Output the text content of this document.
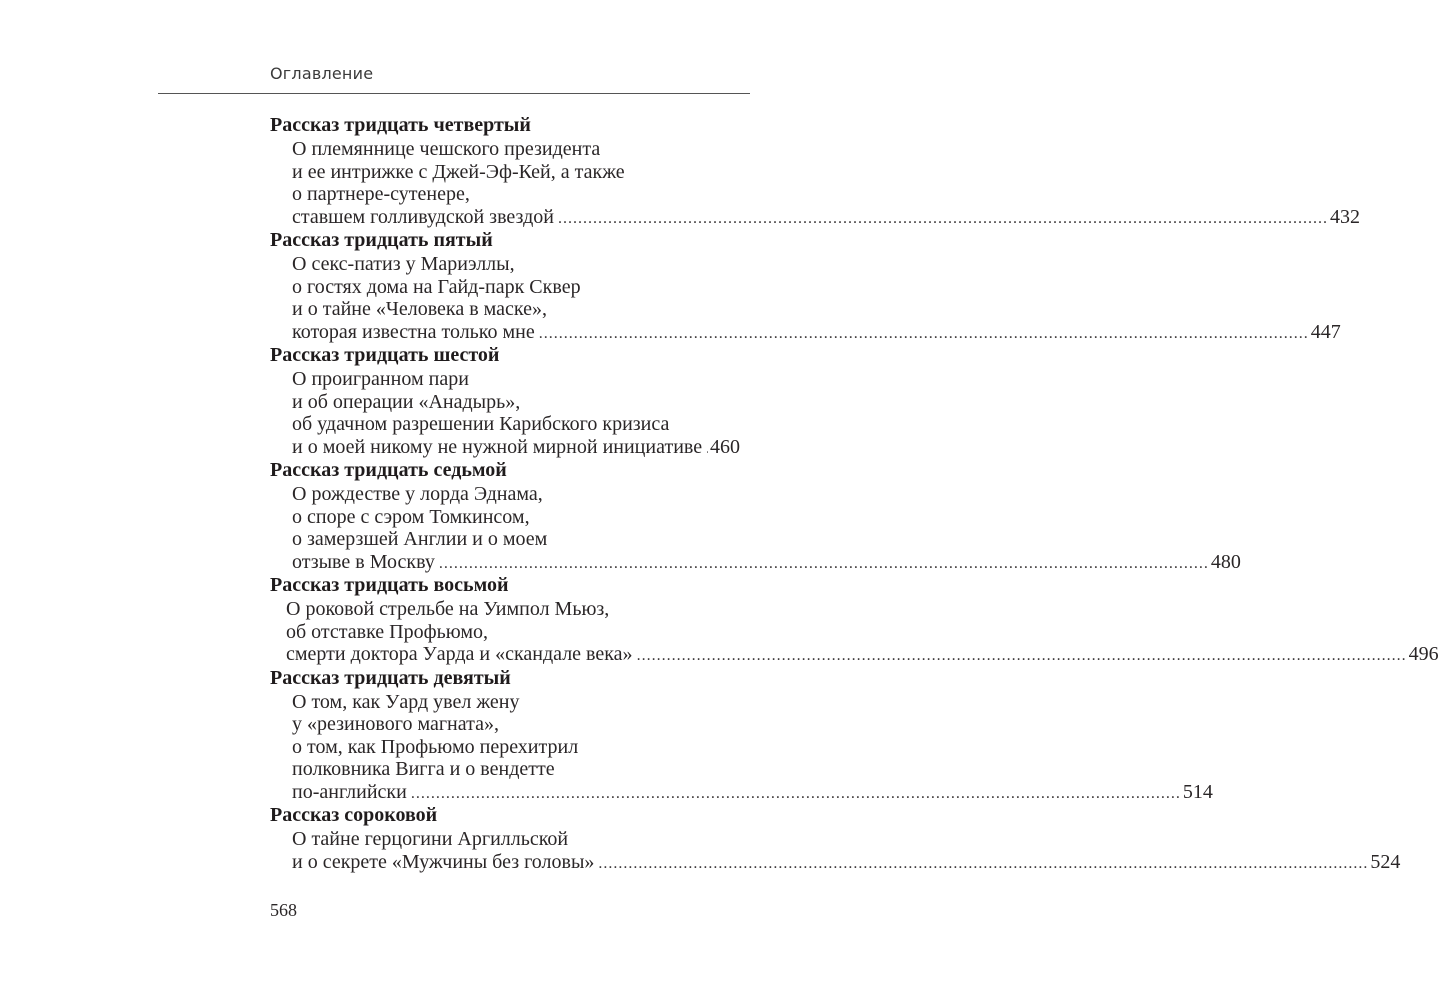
Оглавление
Рассказ тридцать четвертый
О племяннице чешского президента
и ее интрижке с Джей-Эф-Кей, а также
о партнере-сутенере,
ставшем голливудской звездой .......................................................................................................................................................... 432
Рассказ тридцать пятый
О секс-патиз у Мариэллы,
о гостях дома на Гайд-парк Сквер
и о тайне «Человека в маске»,
которая известна только мне .......................................................................................................................................................... 447
Рассказ тридцать шестой
О проигранном пари
и об операции «Анадырь»,
об удачном разрешении Карибского кризиса
и о моей никому не нужной мирной инициативе 460
Рассказ тридцать седьмой
О рождестве у лорда Эднама,
о споре с сэром Томкинсом,
о замерзшей Англии и о моем
отзыве в Москву .......................................................................................................................................................... 480
Рассказ тридцать восьмой
О роковой стрельбе на Уимпол Мьюз,
об отставке Профьюмо,
смерти доктора Уарда и «скандале века» .......................................................................................................................................................... 496
Рассказ тридцать девятый
О том, как Уард увел жену
у «резинового магната»,
о том, как Профьюмо перехитрил
полковника Вигга и о вендетте
по-английски .......................................................................................................................................................... 514
Рассказ сороковой
О тайне герцогини Аргилльской
и о секрете «Мужчины без головы» .......................................................................................................................................................... 524
568
